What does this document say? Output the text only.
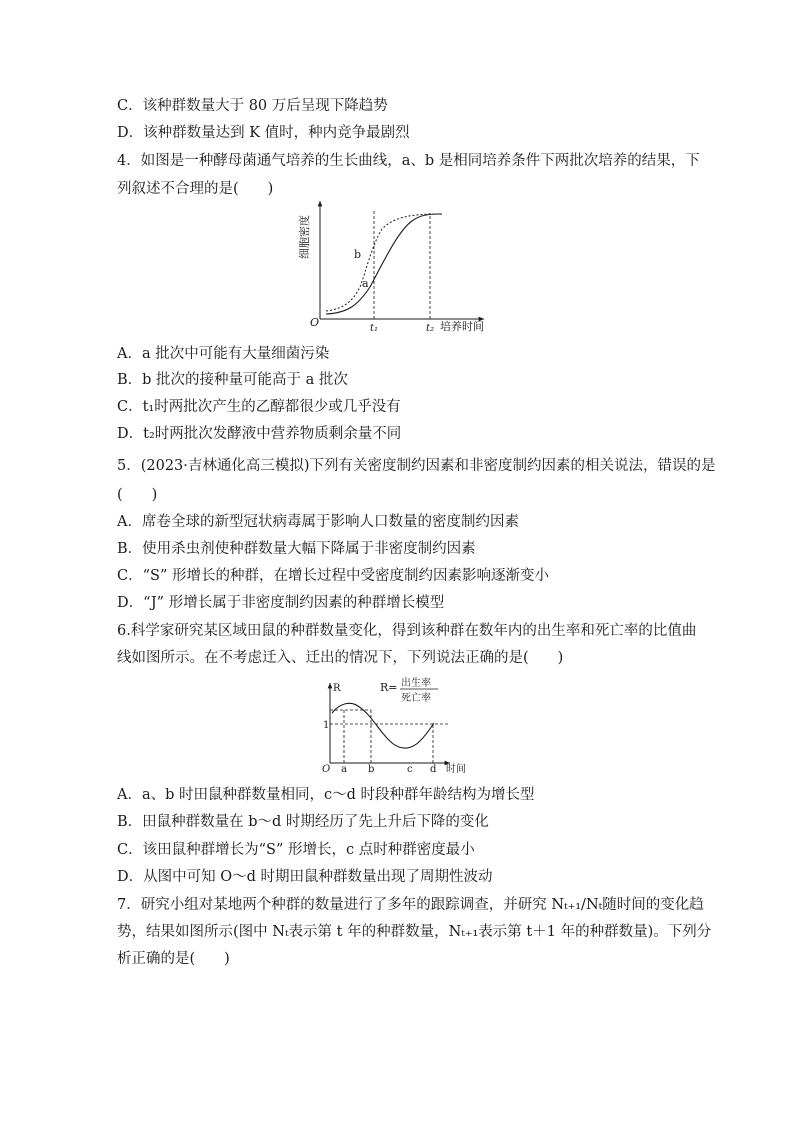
C．该种群数量大于 80 万后呈现下降趋势
D．该种群数量达到 K 值时，种内竞争最剧烈
4．如图是一种酵母菌通气培养的生长曲线，a、b 是相同培养条件下两批次培养的结果，下
列叙述不合理的是(　　)
细胞密度
O	培养时间
t₁	t₂
b
a
A．a 批次中可能有大量细菌污染
B．b 批次的接种量可能高于 a 批次
C．t₁时两批次产生的乙醇都很少或几乎没有
D．t₂时两批次发酵液中营养物质剩余量不同
5．(2023·吉林通化高三模拟)下列有关密度制约因素和非密度制约因素的相关说法，错误的是
(　　)
A．席卷全球的新型冠状病毒属于影响人口数量的密度制约因素
B．使用杀虫剂使种群数量大幅下降属于非密度制约因素
C．“S” 形增长的种群，在增长过程中受密度制约因素影响逐渐变小
D．“J” 形增长属于非密度制约因素的种群增长模型
6.科学家研究某区域田鼠的种群数量变化，得到该种群在数年内的出生率和死亡率的比值曲
线如图所示。在不考虑迁入、迁出的情况下，下列说法正确的是(　　)
R	R= 出生率
死亡率
1
O a b	c d 时间
A．a、b 时田鼠种群数量相同，c～d 时段种群年龄结构为增长型
B．田鼠种群数量在 b～d 时期经历了先上升后下降的变化
C．该田鼠种群增长为“S” 形增长，c 点时种群密度最小
D．从图中可知 O～d 时期田鼠种群数量出现了周期性波动
7．研究小组对某地两个种群的数量进行了多年的跟踪调查，并研究 Nₜ₊₁/Nₜ随时间的变化趋
势，结果如图所示(图中 Nₜ表示第 t 年的种群数量，Nₜ₊₁表示第 t＋1 年的种群数量)。下列分
析正确的是(　　)
